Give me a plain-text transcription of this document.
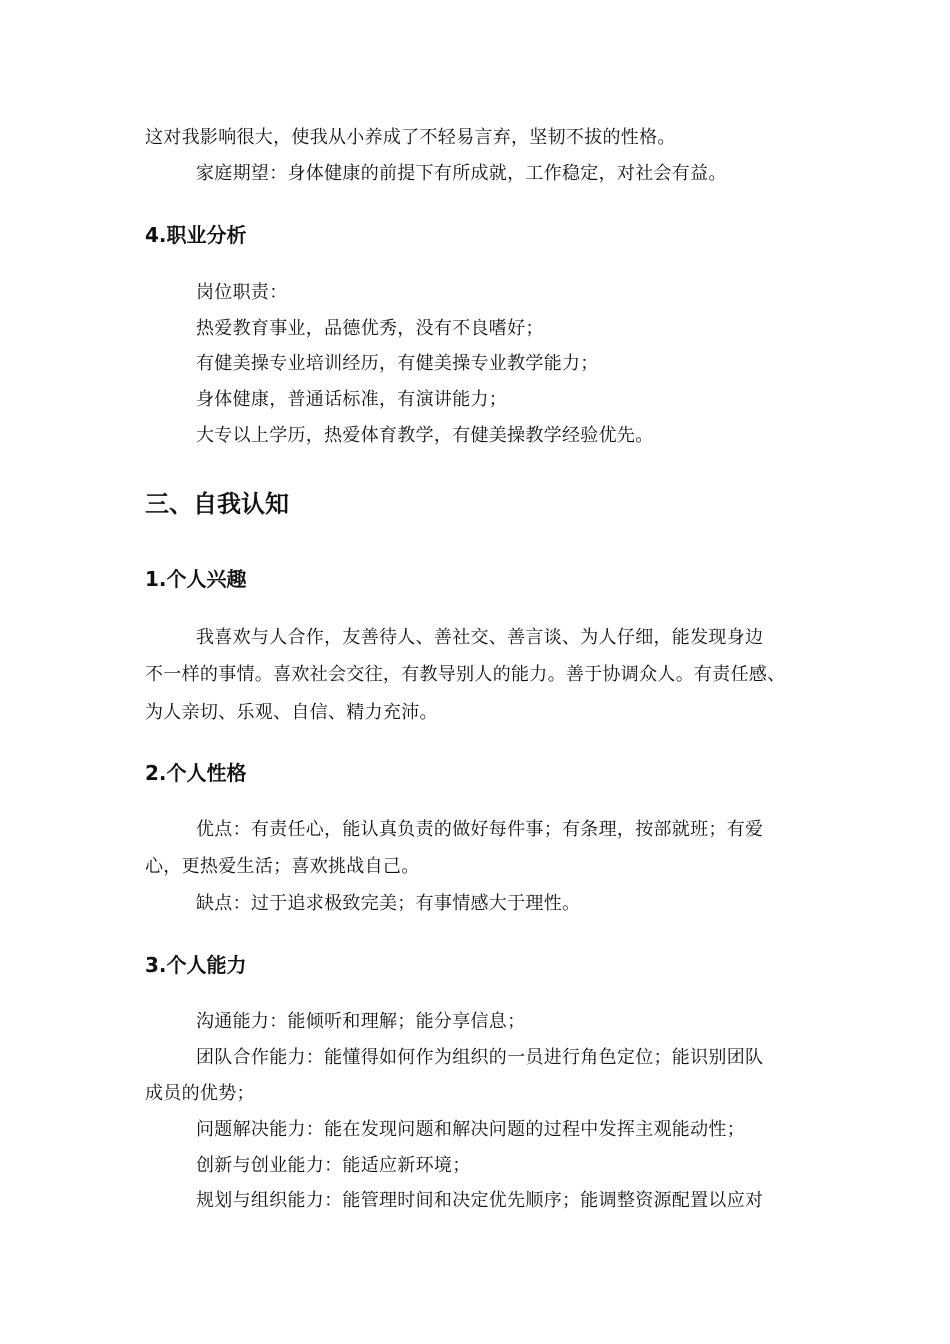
这对我影响很大，使我从小养成了不轻易言弃，坚韧不拔的性格。
家庭期望：身体健康的前提下有所成就，工作稳定，对社会有益。
4.职业分析
岗位职责：
热爱教育事业，品德优秀，没有不良嗜好；
有健美操专业培训经历，有健美操专业教学能力；
身体健康，普通话标准，有演讲能力；
大专以上学历，热爱体育教学，有健美操教学经验优先。
三、自我认知
1.个人兴趣
我喜欢与人合作，友善待人、善社交、善言谈、为人仔细，能发现身边
不一样的事情。喜欢社会交往，有教导别人的能力。善于协调众人。有责任感、
为人亲切、乐观、自信、精力充沛。
2.个人性格
优点：有责任心，能认真负责的做好每件事；有条理，按部就班；有爱
心，更热爱生活；喜欢挑战自己。
缺点：过于追求极致完美；有事情感大于理性。
3.个人能力
沟通能力：能倾听和理解；能分享信息；
团队合作能力：能懂得如何作为组织的一员进行角色定位；能识别团队
成员的优势；
问题解决能力：能在发现问题和解决问题的过程中发挥主观能动性；
创新与创业能力：能适应新环境；
规划与组织能力：能管理时间和决定优先顺序；能调整资源配置以应对
